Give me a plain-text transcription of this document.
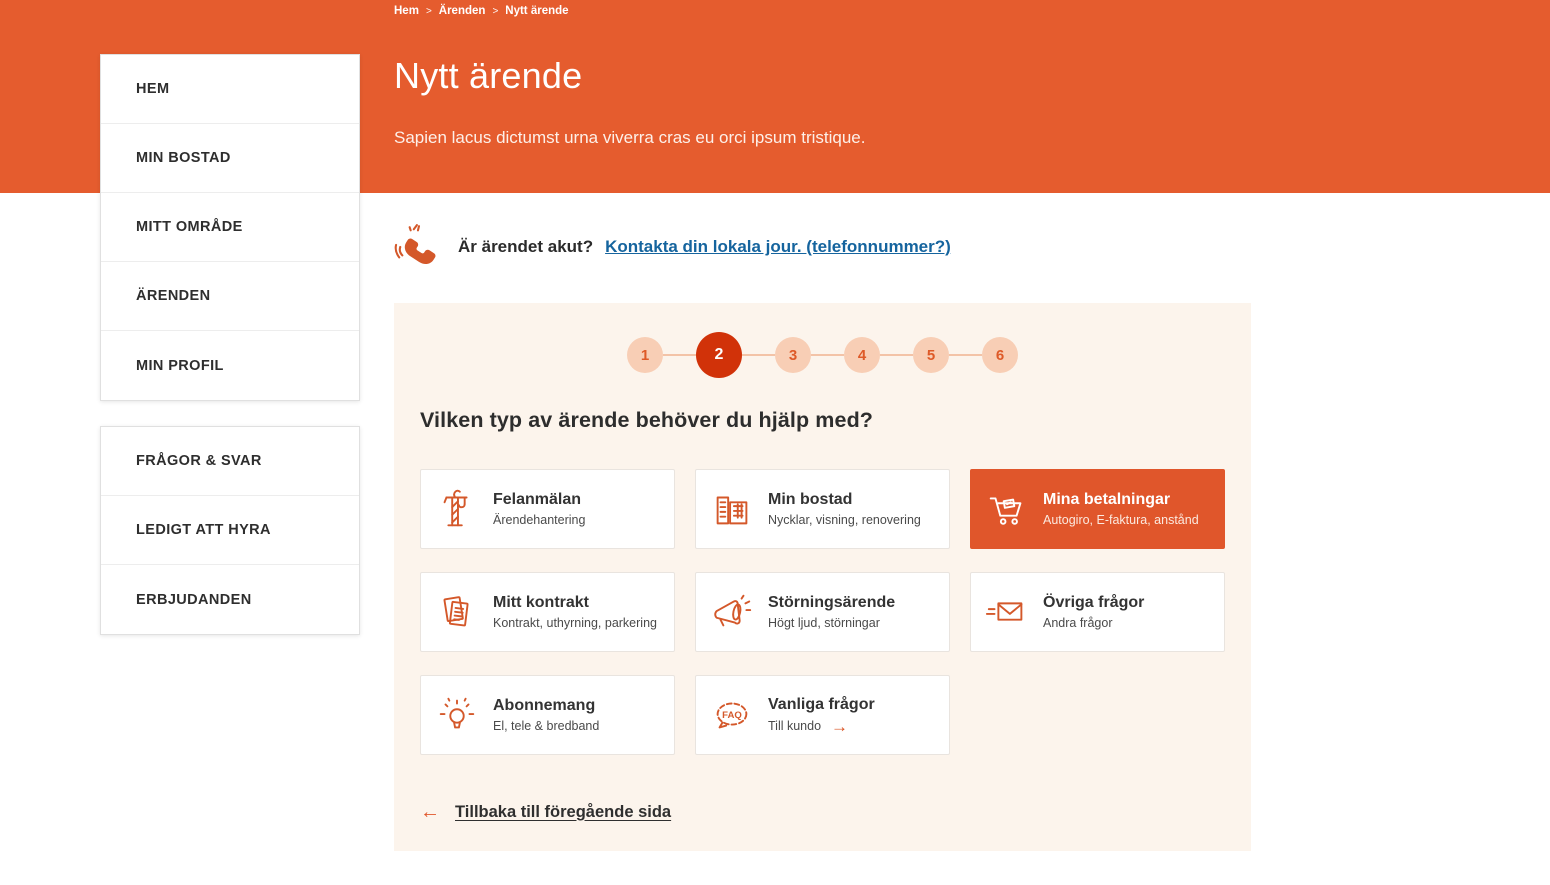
Hem > Ärenden > Nytt ärende
Nytt ärende

Sapien lacus dictumst urna viverra cras eu orci ipsum tristique.

HEM
MIN BOSTAD
MITT OMRÅDE
ÄRENDEN
MIN PROFIL
FRÅGOR & SVAR
LEDIGT ATT HYRA
ERBJUDANDEN
Är ärendet akut? Kontakta din lokala jour. (telefonnummer?)
1	2	3	4	5	6
Vilken typ av ärende behöver du hjälp med?
Felanmälan
Ärendehantering
Min bostad
Nycklar, visning, renovering
Mina betalningar
Autogiro, E-faktura, anstånd
Mitt kontrakt
Kontrakt, uthyrning, parkering
Störningsärende
Högt ljud, störningar
Övriga frågor
Andra frågor
Abonnemang
El, tele & bredband
FAQ
Vanliga frågor
Till kundo →
← Tillbaka till föregående sida
